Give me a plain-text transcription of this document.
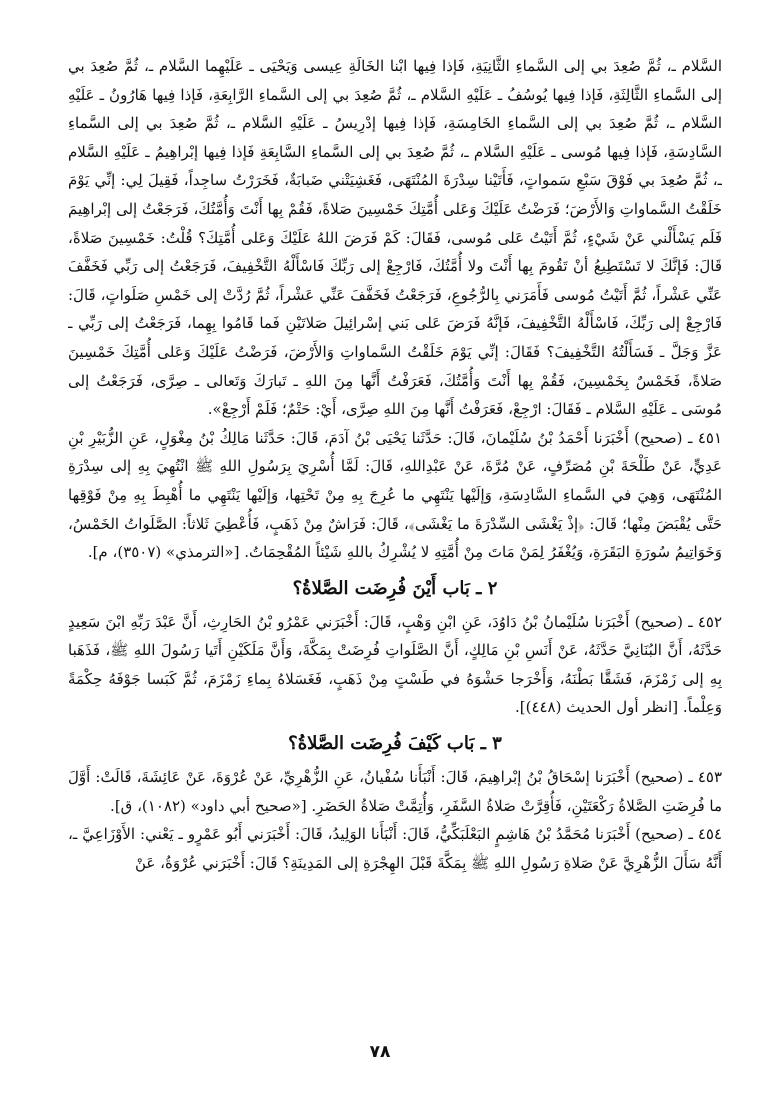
السَّلام ـ، ثُمَّ صُعِدَ بي إلى السَّماءِ الثَّانِيَةِ، فَإذا فِيها ابْنا الخَالَةِ عِيسى وَيَحْيَى ـ عَلَيْهِما السَّلام ـ، ثُمَّ صُعِدَ بي إلى السَّماءِ الثَّالِثَةِ، فَإذا فِيها يُوسُفُ ـ عَلَيْهِ السَّلام ـ، ثُمَّ صُعِدَ بي إلى السَّماءِ الرَّابِعَةِ، فَإذا فِيها هَارُونُ ـ عَلَيْهِ السَّلام ـ، ثُمَّ صُعِدَ بي إلى السَّماءِ الخَامِسَةِ، فَإذا فِيها إدْرِيسُ ـ عَلَيْهِ السَّلام ـ، ثُمَّ صُعِدَ بي إلى السَّماءِ السَّادِسَةِ، فَإذا فِيها مُوسى ـ عَلَيْهِ السَّلام ـ، ثُمَّ صُعِدَ بي إلى السَّماءِ السَّابِعَةِ فَإذا فِيها إبْراهِيمُ ـ عَلَيْهِ السَّلام ـ، ثُمَّ صُعِدَ بي فَوْقَ سَبْعِ سَمواتٍ، فَأَتَيْنا سِدْرَةَ المُنْتَهَى، فَغَشِيَتْني ضَبابَةٌ، فَخَرَرْتُ ساجِداً، فَقِيلَ لِي: إنِّي يَوْمَ خَلَقْتُ السَّماواتِ وَالأَرْضَ؛ فَرَضْتُ عَلَيْكَ وَعَلى أُمَّتِكَ خَمْسِينَ صَلاةً، فَقُمْ بِها أَنْتَ وَأُمَّتُكَ، فَرَجَعْتُ إلى إبْراهِيمَ فَلَم يَسْأَلْني عَنْ شَيْءٍ، ثُمَّ أَتَيْتُ عَلى مُوسى، فَقَالَ: كَمْ فَرَضَ اللهُ عَلَيْكَ وَعَلى أُمَّتِكَ؟ قُلْتُ: خَمْسِينَ صَلاةً، قَالَ: فَإنَّكَ لا تَسْتَطِيعُ أنْ تَقُومَ بِها أَنْتَ ولا أُمَّتُكَ، فَارْجِعْ إلى رَبِّكَ فَاسْأَلْهُ التَّخْفِيفَ، فَرَجَعْتُ إلى رَبِّي فَخَفَّفَ عَنِّي عَشْراً، ثُمَّ أَتَيْتُ مُوسى فَأَمَرَني بِالرُّجُوعِ، فَرَجَعْتُ فَخَفَّفَ عَنِّي عَشْراً، ثُمَّ رُدَّتْ إلى خَمْسِ صَلَواتٍ، قَالَ: فَارْجِعْ إلى رَبِّكَ، فَاسْأَلْهُ التَّخْفِيفَ، فَإنَّهُ فَرَضَ عَلى بَني إسْرائِيلَ صَلاتَيْنِ فَما قَامُوا بِهِما، فَرَجَعْتُ إلى رَبِّي ـ عَزَّ وَجَلَّ ـ فَسَأَلْتُهُ التَّخْفِيفَ؟ فَقَالَ: إنِّي يَوْمَ خَلَقْتُ السَّماواتِ وَالأَرْضَ، فَرَضْتُ عَلَيْكَ وَعَلى أُمَّتِكَ خَمْسِينَ صَلاةً، فَخَمْسٌ بِخَمْسِينَ، فَقُمْ بِها أَنْتَ وَأُمَّتُكَ، فَعَرَفْتُ أَنَّها مِنَ اللهِ ـ تَبارَكَ وَتَعالى ـ صِرَّى، فَرَجَعْتُ إلى مُوسَى ـ عَلَيْهِ السَّلام ـ فَقَالَ: ارْجِعْ، فَعَرَفْتُ أَنَّها مِنَ اللهِ صِرَّى، أَيْ: حَتْمٌ؛ فَلَمْ أَرْجِعْ».

٤٥١ ـ (صحيح) أَخْبَرَنا أَحْمَدُ بْنُ سُلَيْمانَ، قَالَ: حَدَّثَنا يَحْيَى بْنُ آدَمَ، قَالَ: حَدَّثَنا مَالِكُ بْنُ مِغْوَلٍ، عَنِ الزُّبَيْرِ بْنِ عَدِيٍّ، عَنْ طَلْحَةَ بْنِ مُصَرِّفٍ، عَنْ مُرَّةَ، عَنْ عَبْدِاللهِ، قَالَ: لَمَّا أُسْرِيَ بِرَسُولِ اللهِ ﷺ انْتُهِيَ بِهِ إلى سِدْرَةِ المُنْتَهَى، وَهِيَ في السَّماءِ السَّادِسَةِ، وَإلَيْها يَنْتَهِي ما عُرِجَ بِهِ مِنْ تَحْتِها، وَإلَيْها يَنْتَهِي ما أُهْبِطَ بِهِ مِنْ فَوْقِها حَتَّى يُقْبَضَ مِنْها؛ قَالَ: ﴿إذْ يَغْشَى السِّدْرَةَ ما يَغْشَى﴾، قَالَ: فَرَاشٌ مِنْ ذَهَبٍ، فَأُعْطِيَ ثَلاثاً: الصَّلَواتُ الخَمْسُ، وَخَوَاتِيمُ سُورَةِ البَقَرَةِ، وَيُغْفَرُ لِمَنْ مَاتَ مِنْ أُمَّتِهِ لا يُشْرِكُ باللهِ شَيْئاً المُقْحِمَاتُ. [«الترمذي» (٣٥٠٧)، م].

٢ ـ بَاب أَيْنَ فُرِضَت الصَّلاةُ؟

٤٥٢ ـ (صحيح) أَخْبَرَنا سُلَيْمانُ بْنُ دَاوُدَ، عَنِ ابْنِ وَهْبٍ، قَالَ: أَخْبَرَني عَمْرُو بْنُ الحَارِثِ، أَنَّ عَبْدَ رَبِّهِ ابْنَ سَعِيدٍ حَدَّثَهُ، أَنَّ البُنَانِيَّ حَدَّثَهُ، عَنْ أَنَسِ بْنِ مَالِكٍ، أَنَّ الصَّلَواتِ فُرِضَتْ بِمَكَّةَ، وَأَنَّ مَلَكَيْنِ أَتَيا رَسُولَ اللهِ ﷺ، فَذَهَبا بِهِ إلى زَمْزَمَ، فَشَقَّا بَطْنَهُ، وَأَخْرَجا حَشْوَهُ في طَسْتٍ مِنْ ذَهَبٍ، فَغَسَلاهُ بِماءِ زَمْزَمَ، ثُمَّ كَبَسا جَوْفَهُ حِكْمَةً وَعِلْماً. [انظر أول الحديث (٤٤٨)].

٣ ـ بَاب كَيْفَ فُرِضَت الصَّلاةُ؟

٤٥٣ ـ (صحيح) أَخْبَرَنا إسْحَاقُ بْنُ إبْراهِيمَ، قَالَ: أَنْبَأَنا سُفْيانُ، عَنِ الزُّهْرِيِّ، عَنْ عُرْوَةَ، عَنْ عَائِشَةَ، قَالَتْ: أَوَّلَ ما فُرِضَتِ الصَّلاةُ رَكْعَتَيْنِ، فَأُقِرَّتْ صَلاةُ السَّفَرِ، وَأُتِمَّتْ صَلاةُ الحَضَرِ. [«صحيح أبي داود» (١٠٨٢)، ق].

٤٥٤ ـ (صحيح) أَخْبَرَنا مُحَمَّدُ بْنُ هَاشِمٍ البَعْلَبَكِّيُّ، قَالَ: أَنْبَأَنا الوَلِيدُ، قَالَ: أَخْبَرَني أَبُو عَمْرٍو ـ يَعْني: الأَوْزَاعِيَّ ـ، أَنَّهُ سَأَلَ الزُّهْرِيَّ عَنْ صَلاةِ رَسُولِ اللهِ ﷺ بِمَكَّةَ قَبْلَ الهِجْرَةِ إلى المَدِينَةِ؟ قَالَ: أَخْبَرَني عُرْوَةُ، عَنْ

٧٨
